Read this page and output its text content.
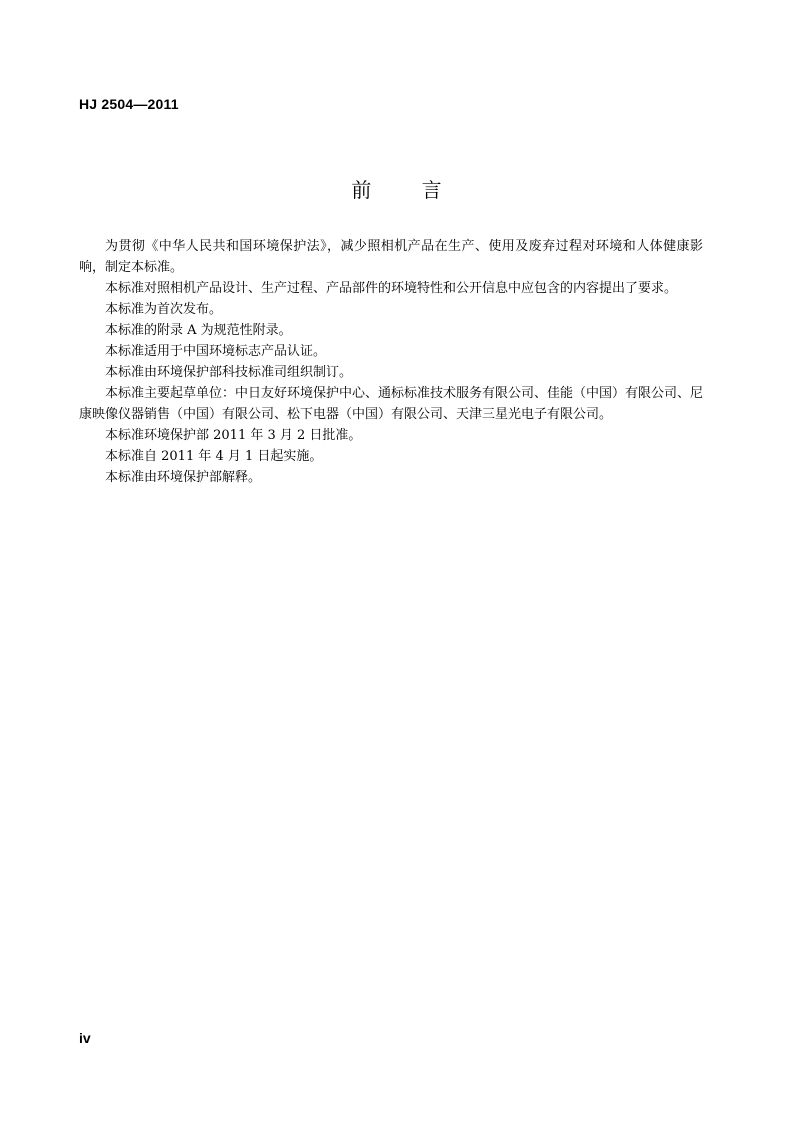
HJ 2504—2011
前 言

为贯彻《中华人民共和国环境保护法》，减少照相机产品在生产、使用及废弃过程对环境和人体健康影响，制定本标准。

本标准对照相机产品设计、生产过程、产品部件的环境特性和公开信息中应包含的内容提出了要求。

本标准为首次发布。

本标准的附录 A 为规范性附录。

本标准适用于中国环境标志产品认证。

本标准由环境保护部科技标准司组织制订。

本标准主要起草单位：中日友好环境保护中心、通标标准技术服务有限公司、佳能（中国）有限公司、尼康映像仪器销售（中国）有限公司、松下电器（中国）有限公司、天津三星光电子有限公司。

本标准环境保护部 2011 年 3 月 2 日批准。

本标准自 2011 年 4 月 1 日起实施。

本标准由环境保护部解释。

iv
